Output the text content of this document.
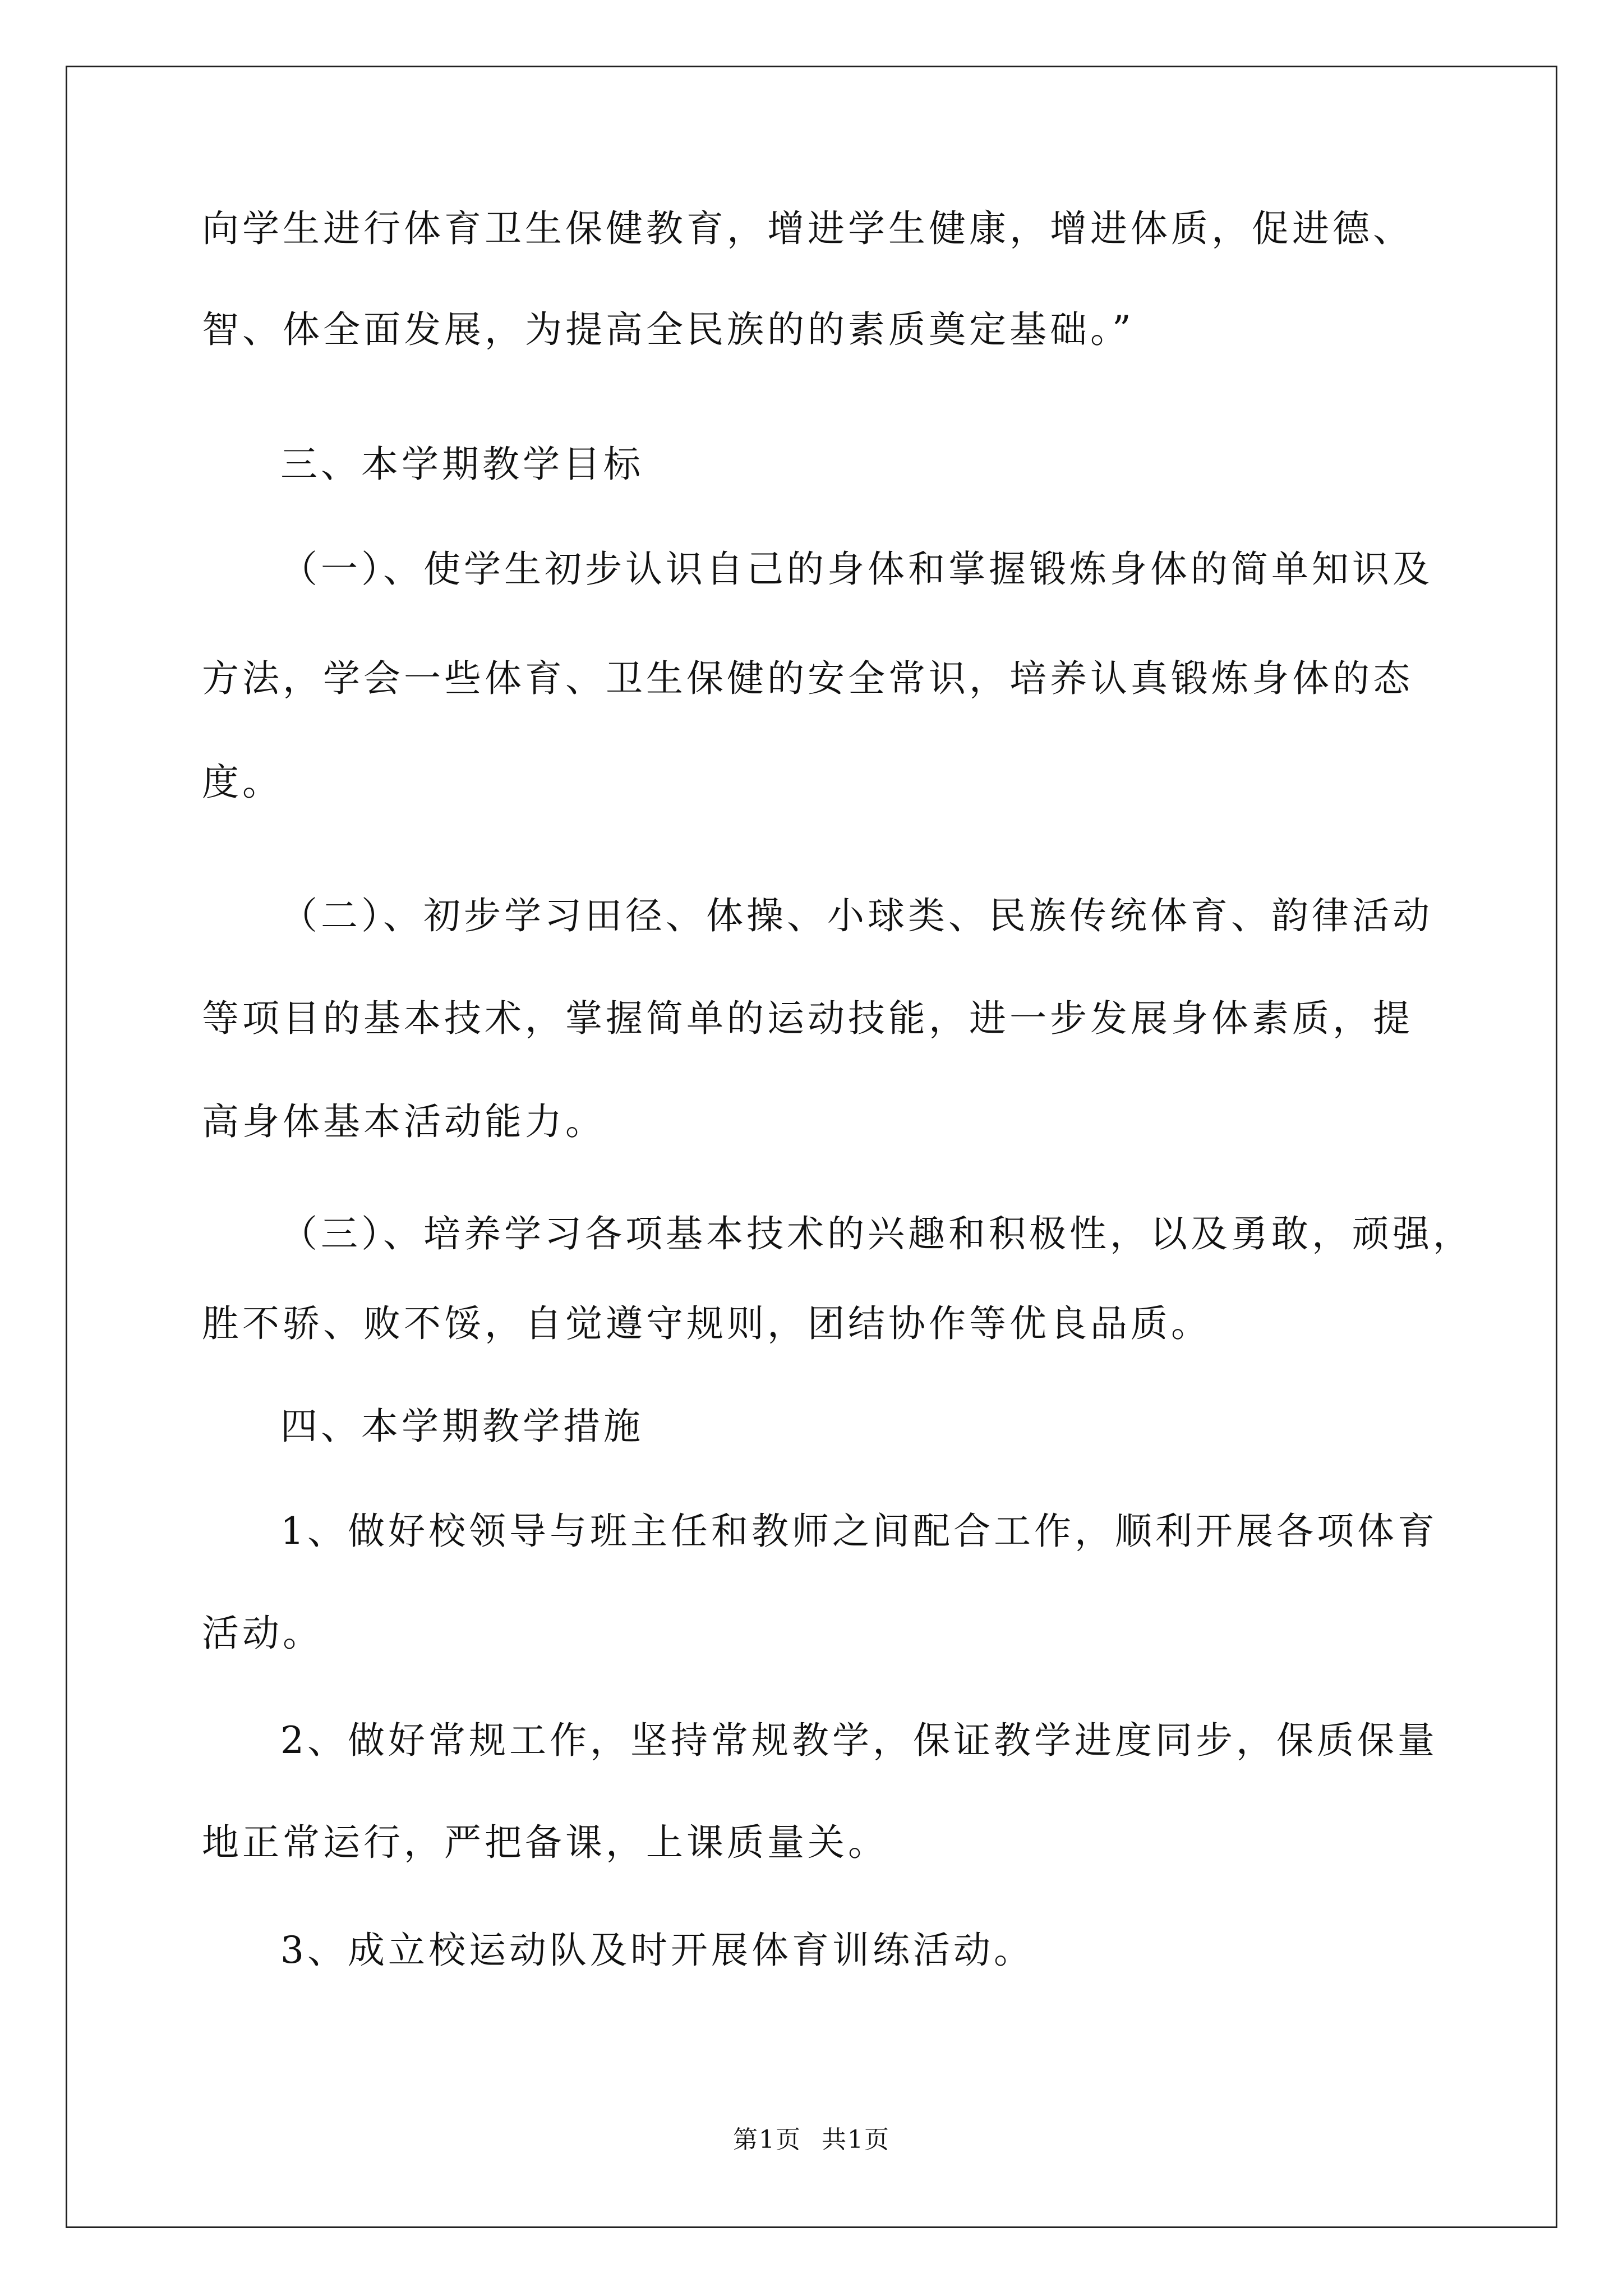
向学生进行体育卫生保健教育，增进学生健康，增进体质，促进德、
智、体全面发展，为提高全民族的的素质奠定基础。”
三、本学期教学目标
（一）、使学生初步认识自己的身体和掌握锻炼身体的简单知识及
方法，学会一些体育、卫生保健的安全常识，培养认真锻炼身体的态
度。
（二）、初步学习田径、体操、小球类、民族传统体育、韵律活动
等项目的基本技术，掌握简单的运动技能，进一步发展身体素质，提
高身体基本活动能力。
（三）、培养学习各项基本技术的兴趣和积极性，以及勇敢，顽强，
胜不骄、败不馁，自觉遵守规则，团结协作等优良品质。
四、本学期教学措施
1、做好校领导与班主任和教师之间配合工作，顺利开展各项体育
活动。
2、做好常规工作，坚持常规教学，保证教学进度同步，保质保量
地正常运行，严把备课，上课质量关。
3、成立校运动队及时开展体育训练活动。
第1页 共1页
